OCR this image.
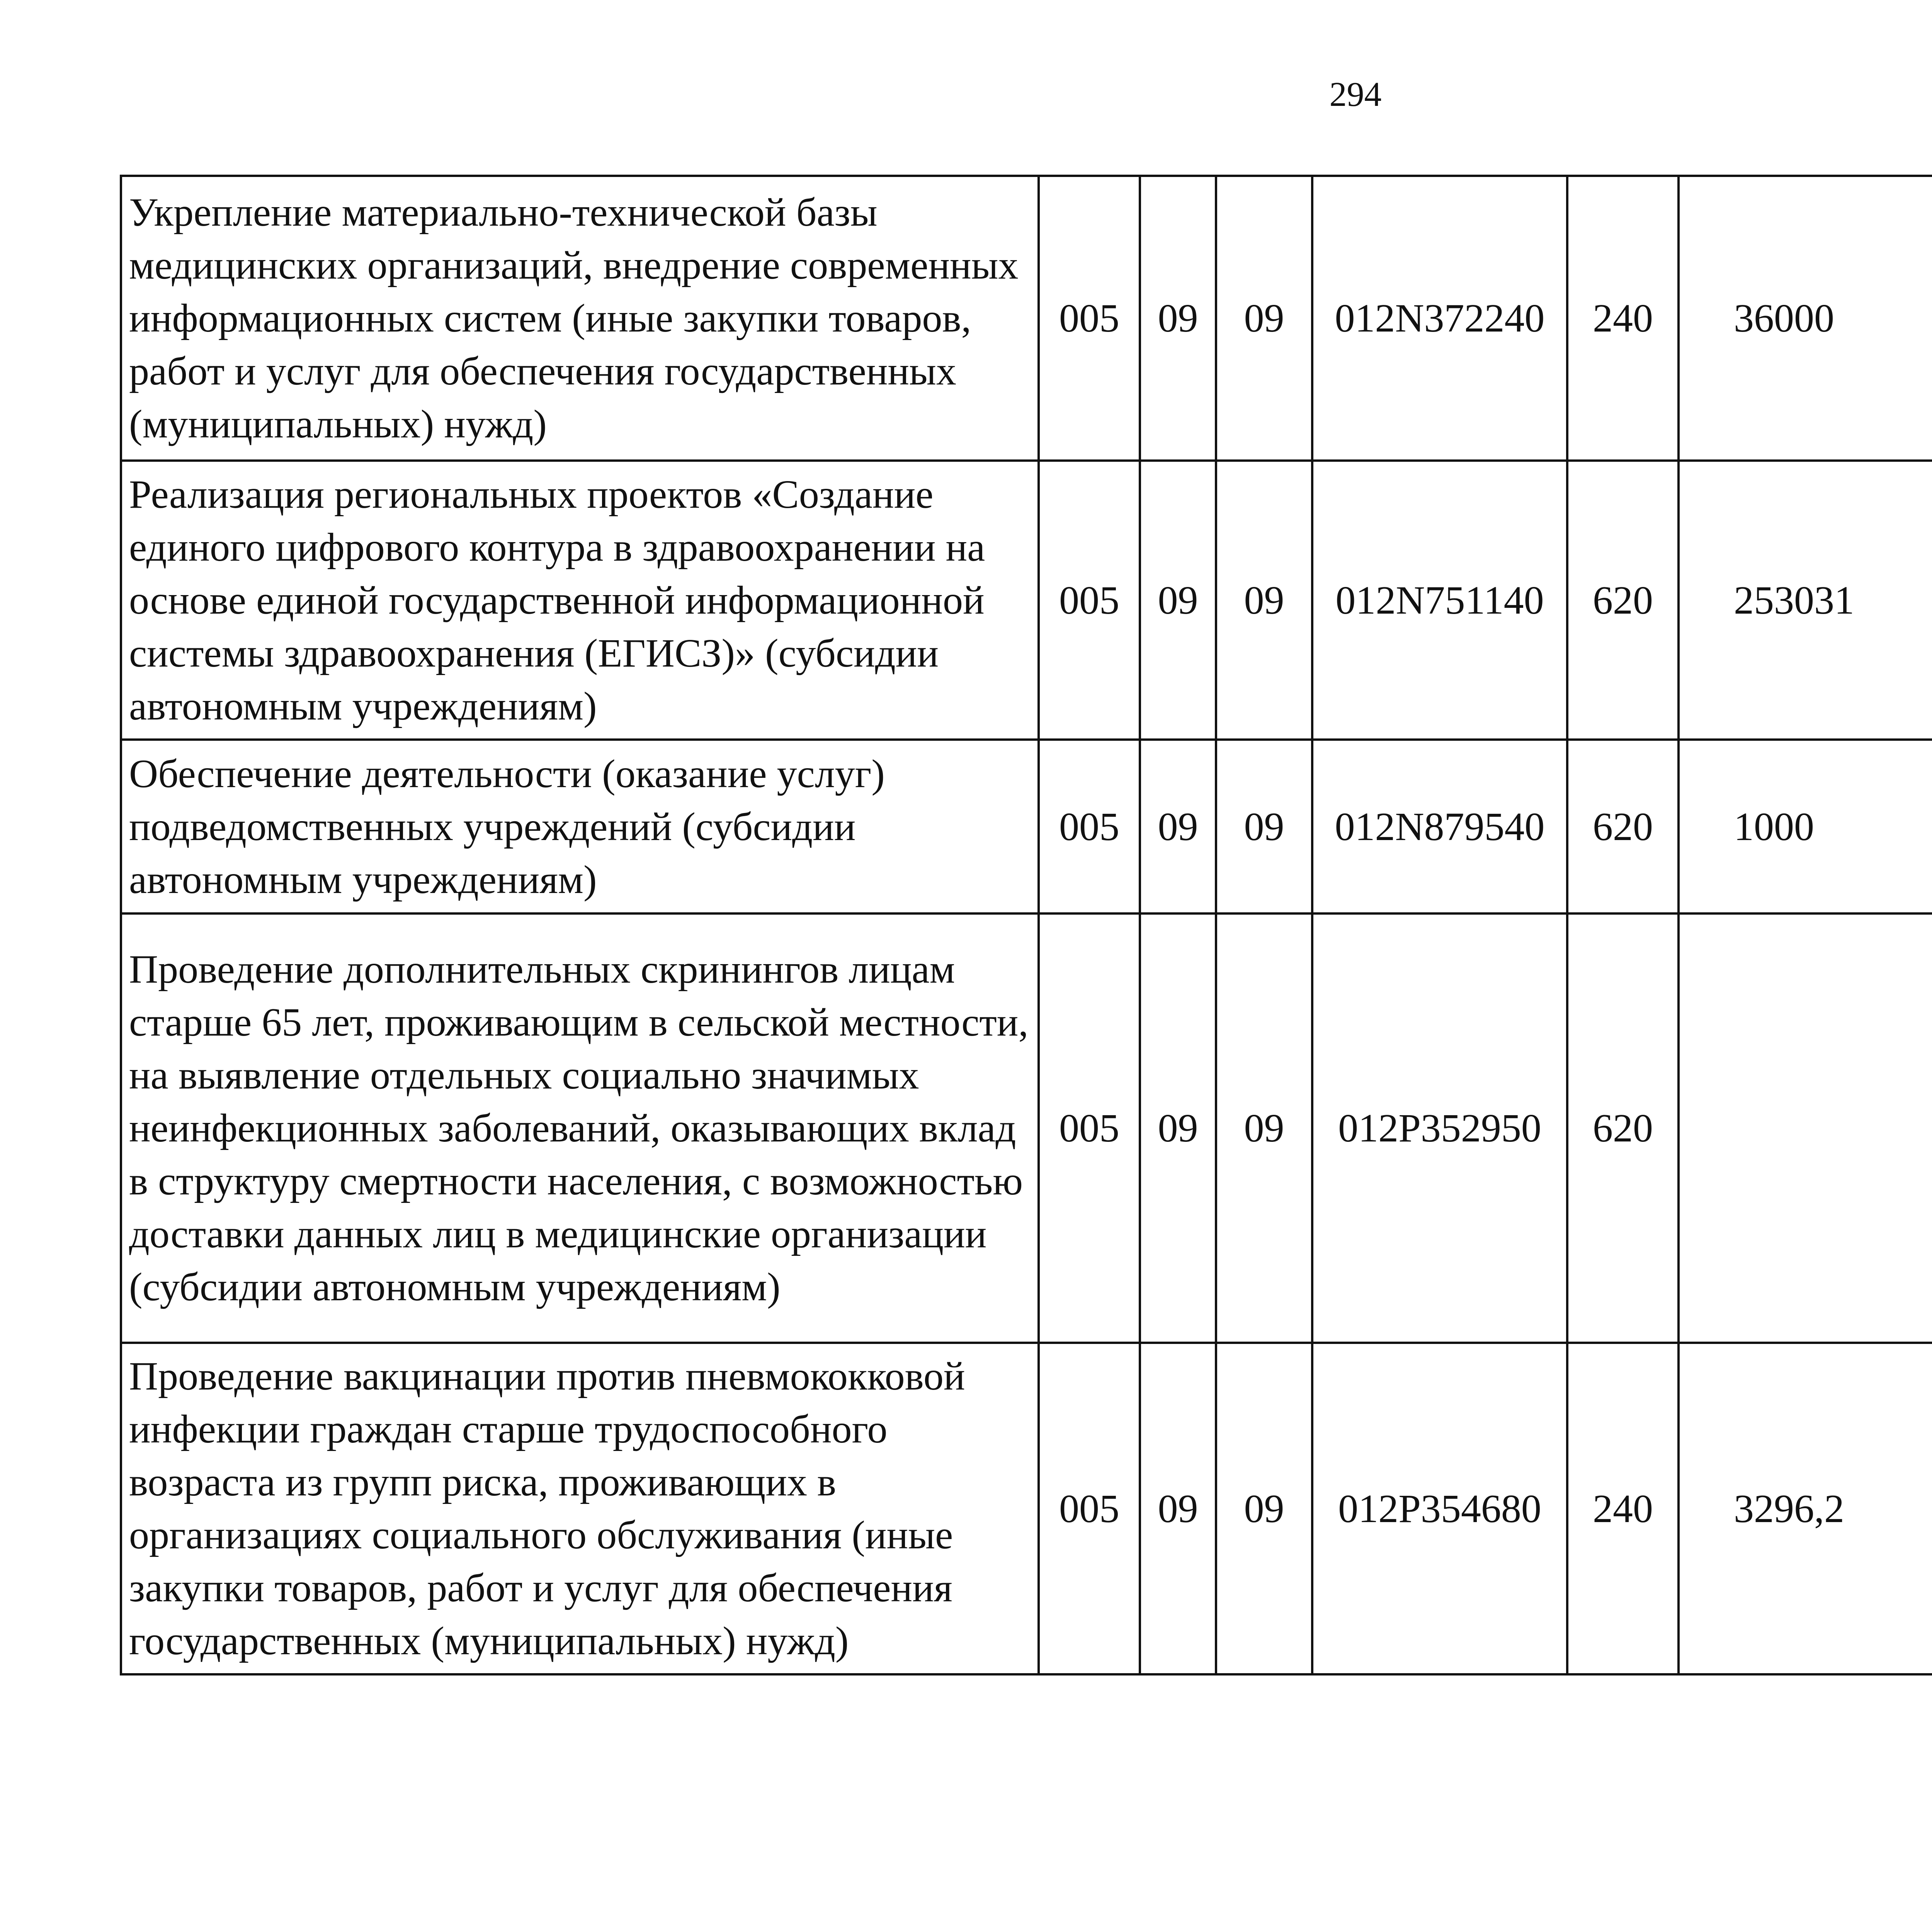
294
Укрепление материально-технической базы медицинских организаций, внедрение современных информационных систем (иные закупки товаров, работ и услуг для обеспечения государственных (муниципальных) нужд)	005	09	09	012N372240	240	36000

Реализация региональных проектов «Создание единого цифрового контура в здравоохранении на основе единой государственной информационной системы здравоохранения (ЕГИСЗ)» (субсидии автономным учреждениям)	005	09	09	012N751140	620	253031

Обеспечение деятельности (оказание услуг) подведомственных учреждений (субсидии автономным учреждениям)	005	09	09	012N879540	620	1000		

Проведение дополнительных скринингов лицам старше 65 лет, проживающим в сельской местности, на выявление отдельных социально значимых неинфекционных заболеваний, оказывающих вклад в структуру смертности населения, с возможностью доставки данных лиц в медицинские организации (субсидии автономным учреждениям)	005	09	09	012P352950	620	

Проведение вакцинации против пневмококковой инфекции граждан старше трудоспособного возраста из групп риска, проживающих в организациях социального обслуживания (иные закупки товаров, работ и услуг для обеспечения государственных (муниципальных) нужд)	005	09	09	012P354680	240	3296,2
